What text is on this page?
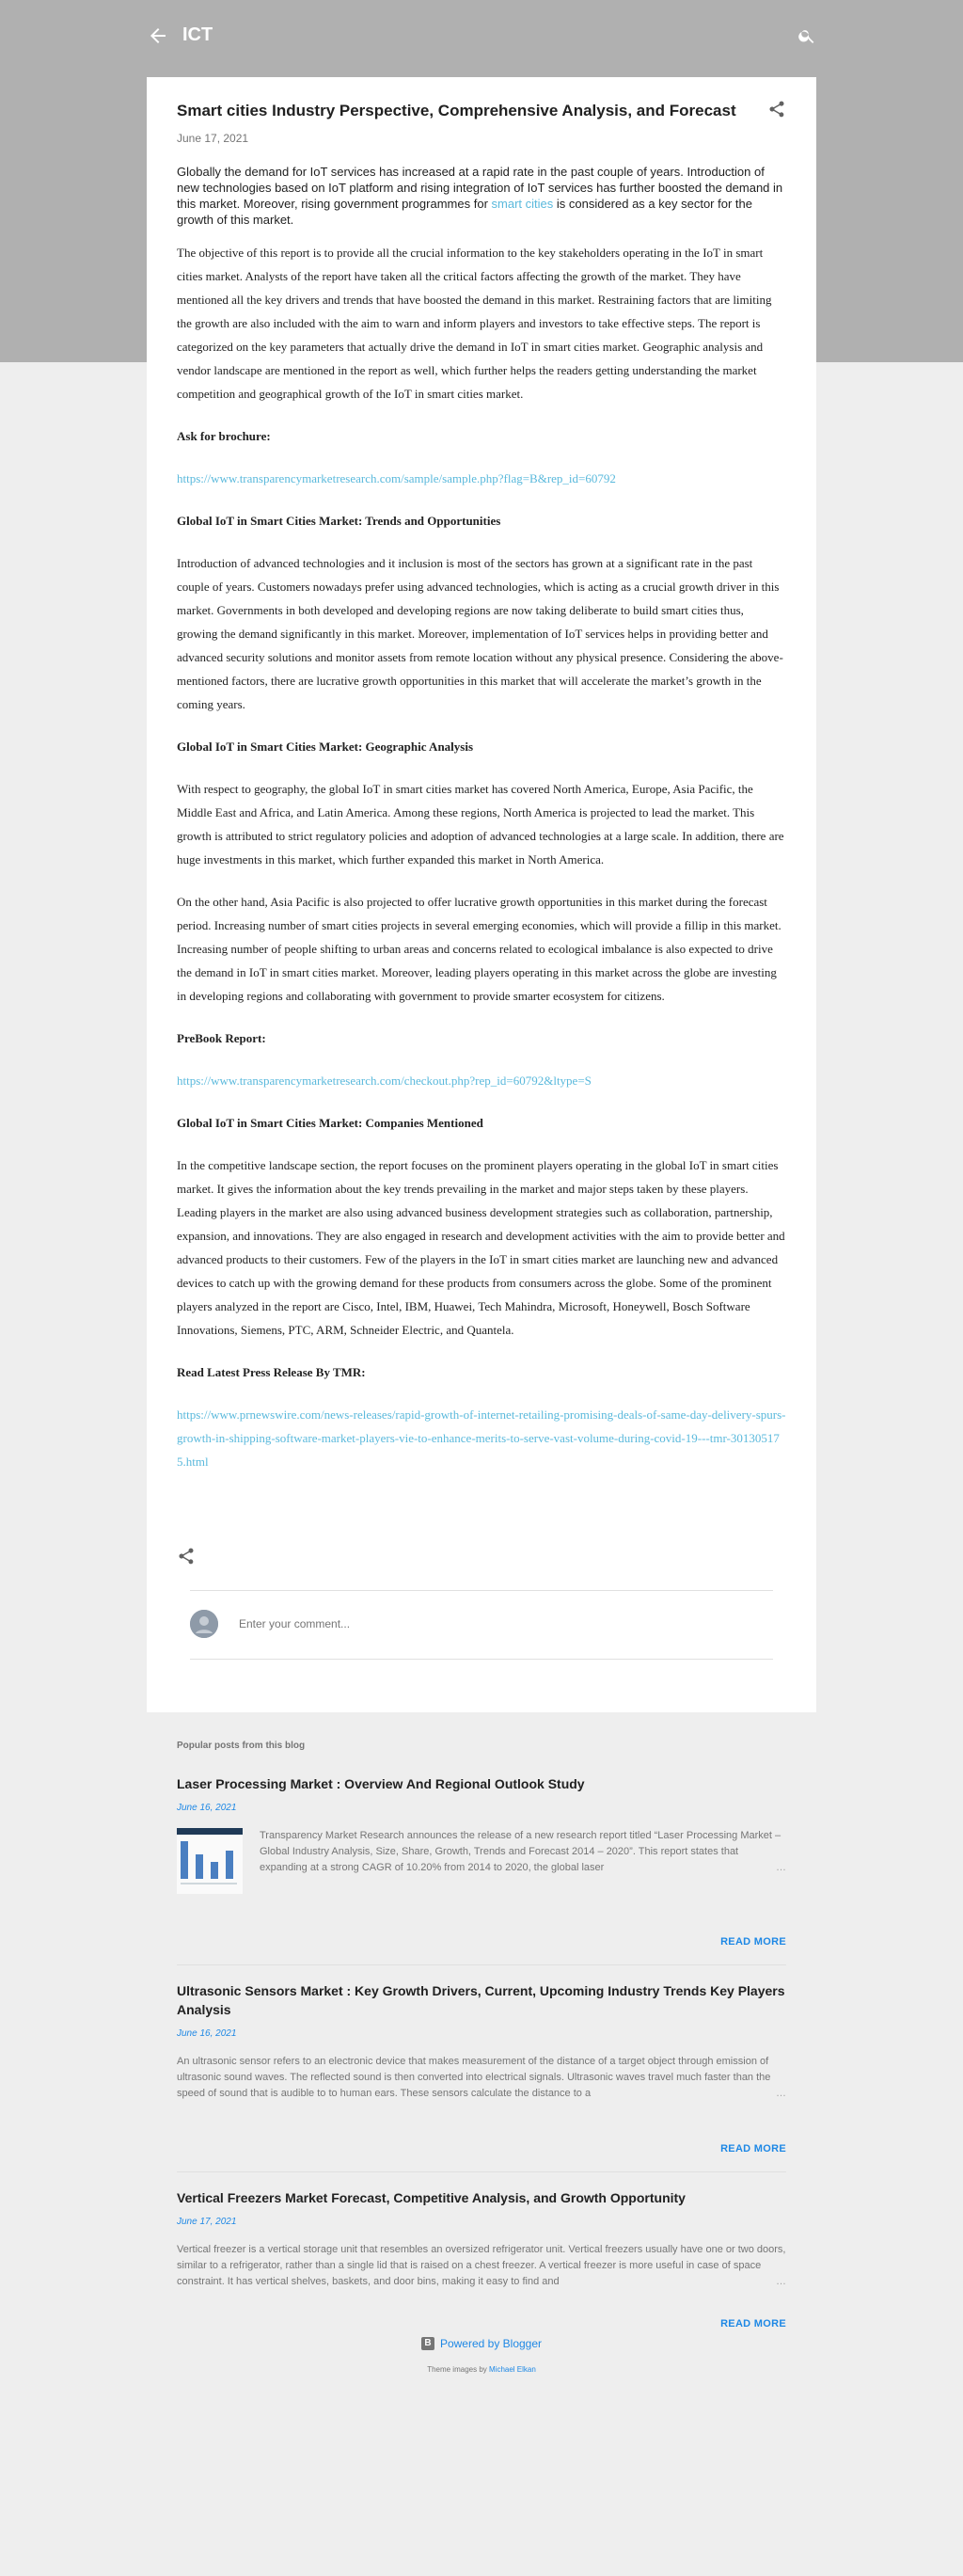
ICT
Smart cities Industry Perspective, Comprehensive Analysis, and Forecast
June 17, 2021

Globally the demand for IoT services has increased at a rapid rate in the past couple of years. Introduction of new technologies based on IoT platform and rising integration of IoT services has further boosted the demand in this market. Moreover, rising government programmes for smart cities is considered as a key sector for the growth of this market.

The objective of this report is to provide all the crucial information to the key stakeholders operating in the IoT in smart cities market. Analysts of the report have taken all the critical factors affecting the growth of the market. They have mentioned all the key drivers and trends that have boosted the demand in this market. Restraining factors that are limiting the growth are also included with the aim to warn and inform players and investors to take effective steps. The report is categorized on the key parameters that actually drive the demand in IoT in smart cities market. Geographic analysis and vendor landscape are mentioned in the report as well, which further helps the readers getting understanding the market competition and geographical growth of the IoT in smart cities market.

Ask for brochure:

https://www.transparencymarketresearch.com/sample/sample.php?flag=B&rep_id=60792

Global IoT in Smart Cities Market: Trends and Opportunities

Introduction of advanced technologies and it inclusion is most of the sectors has grown at a significant rate in the past couple of years. Customers nowadays prefer using advanced technologies, which is acting as a crucial growth driver in this market. Governments in both developed and developing regions are now taking deliberate to build smart cities thus, growing the demand significantly in this market. Moreover, implementation of IoT services helps in providing better and advanced security solutions and monitor assets from remote location without any physical presence. Considering the above-mentioned factors, there are lucrative growth opportunities in this market that will accelerate the market’s growth in the coming years.

Global IoT in Smart Cities Market: Geographic Analysis

With respect to geography, the global IoT in smart cities market has covered North America, Europe, Asia Pacific, the Middle East and Africa, and Latin America. Among these regions, North America is projected to lead the market. This growth is attributed to strict regulatory policies and adoption of advanced technologies at a large scale. In addition, there are huge investments in this market, which further expanded this market in North America.

On the other hand, Asia Pacific is also projected to offer lucrative growth opportunities in this market during the forecast period. Increasing number of smart cities projects in several emerging economies, which will provide a fillip in this market. Increasing number of people shifting to urban areas and concerns related to ecological imbalance is also expected to drive the demand in IoT in smart cities market. Moreover, leading players operating in this market across the globe are investing in developing regions and collaborating with government to provide smarter ecosystem for citizens.

PreBook Report:

https://www.transparencymarketresearch.com/checkout.php?rep_id=60792&ltype=S

Global IoT in Smart Cities Market: Companies Mentioned

In the competitive landscape section, the report focuses on the prominent players operating in the global IoT in smart cities market. It gives the information about the key trends prevailing in the market and major steps taken by these players. Leading players in the market are also using advanced business development strategies such as collaboration, partnership, expansion, and innovations. They are also engaged in research and development activities with the aim to provide better and advanced products to their customers. Few of the players in the IoT in smart cities market are launching new and advanced devices to catch up with the growing demand for these products from consumers across the globe. Some of the prominent players analyzed in the report are Cisco, Intel, IBM, Huawei, Tech Mahindra, Microsoft, Honeywell, Bosch Software Innovations, Siemens, PTC, ARM, Schneider Electric, and Quantela.

Read Latest Press Release By TMR:

https://www.prnewswire.com/news-releases/rapid-growth-of-internet-retailing-promising-deals-of-same-day-delivery-spurs-growth-in-shipping-software-market-players-vie-to-enhance-merits-to-serve-vast-volume-during-covid-19---tmr-301305175.html

Enter your comment...

Popular posts from this blog

Laser Processing Market : Overview And Regional Outlook Study
June 16, 2021
Transparency Market Research announces the release of a new research report titled “Laser Processing Market – Global Industry Analysis, Size, Share, Growth, Trends and Forecast 2014 – 2020”. This report states that expanding at a strong CAGR of 10.20% from 2014 to 2020, the global laser	…
READ MORE
Ultrasonic Sensors Market : Key Growth Drivers, Current, Upcoming Industry Trends Key Players Analysis
June 16, 2021
An ultrasonic sensor refers to an electronic device that makes measurement of the distance of a target object through emission of ultrasonic sound waves. The reflected sound is then converted into electrical signals. Ultrasonic waves travel much faster than the speed of sound that is audible to to human ears. These sensors calculate the distance to a	…
READ MORE
Vertical Freezers Market Forecast, Competitive Analysis, and Growth Opportunity
June 17, 2021
Vertical freezer is a vertical storage unit that resembles an oversized refrigerator unit. Vertical freezers usually have one or two doors, similar to a refrigerator, rather than a single lid that is raised on a chest freezer. A vertical freezer is more useful in case of space constraint. It has vertical shelves, baskets, and door bins, making it easy to find and	…
READ MORE
B Powered by Blogger
Theme images by Michael Elkan
